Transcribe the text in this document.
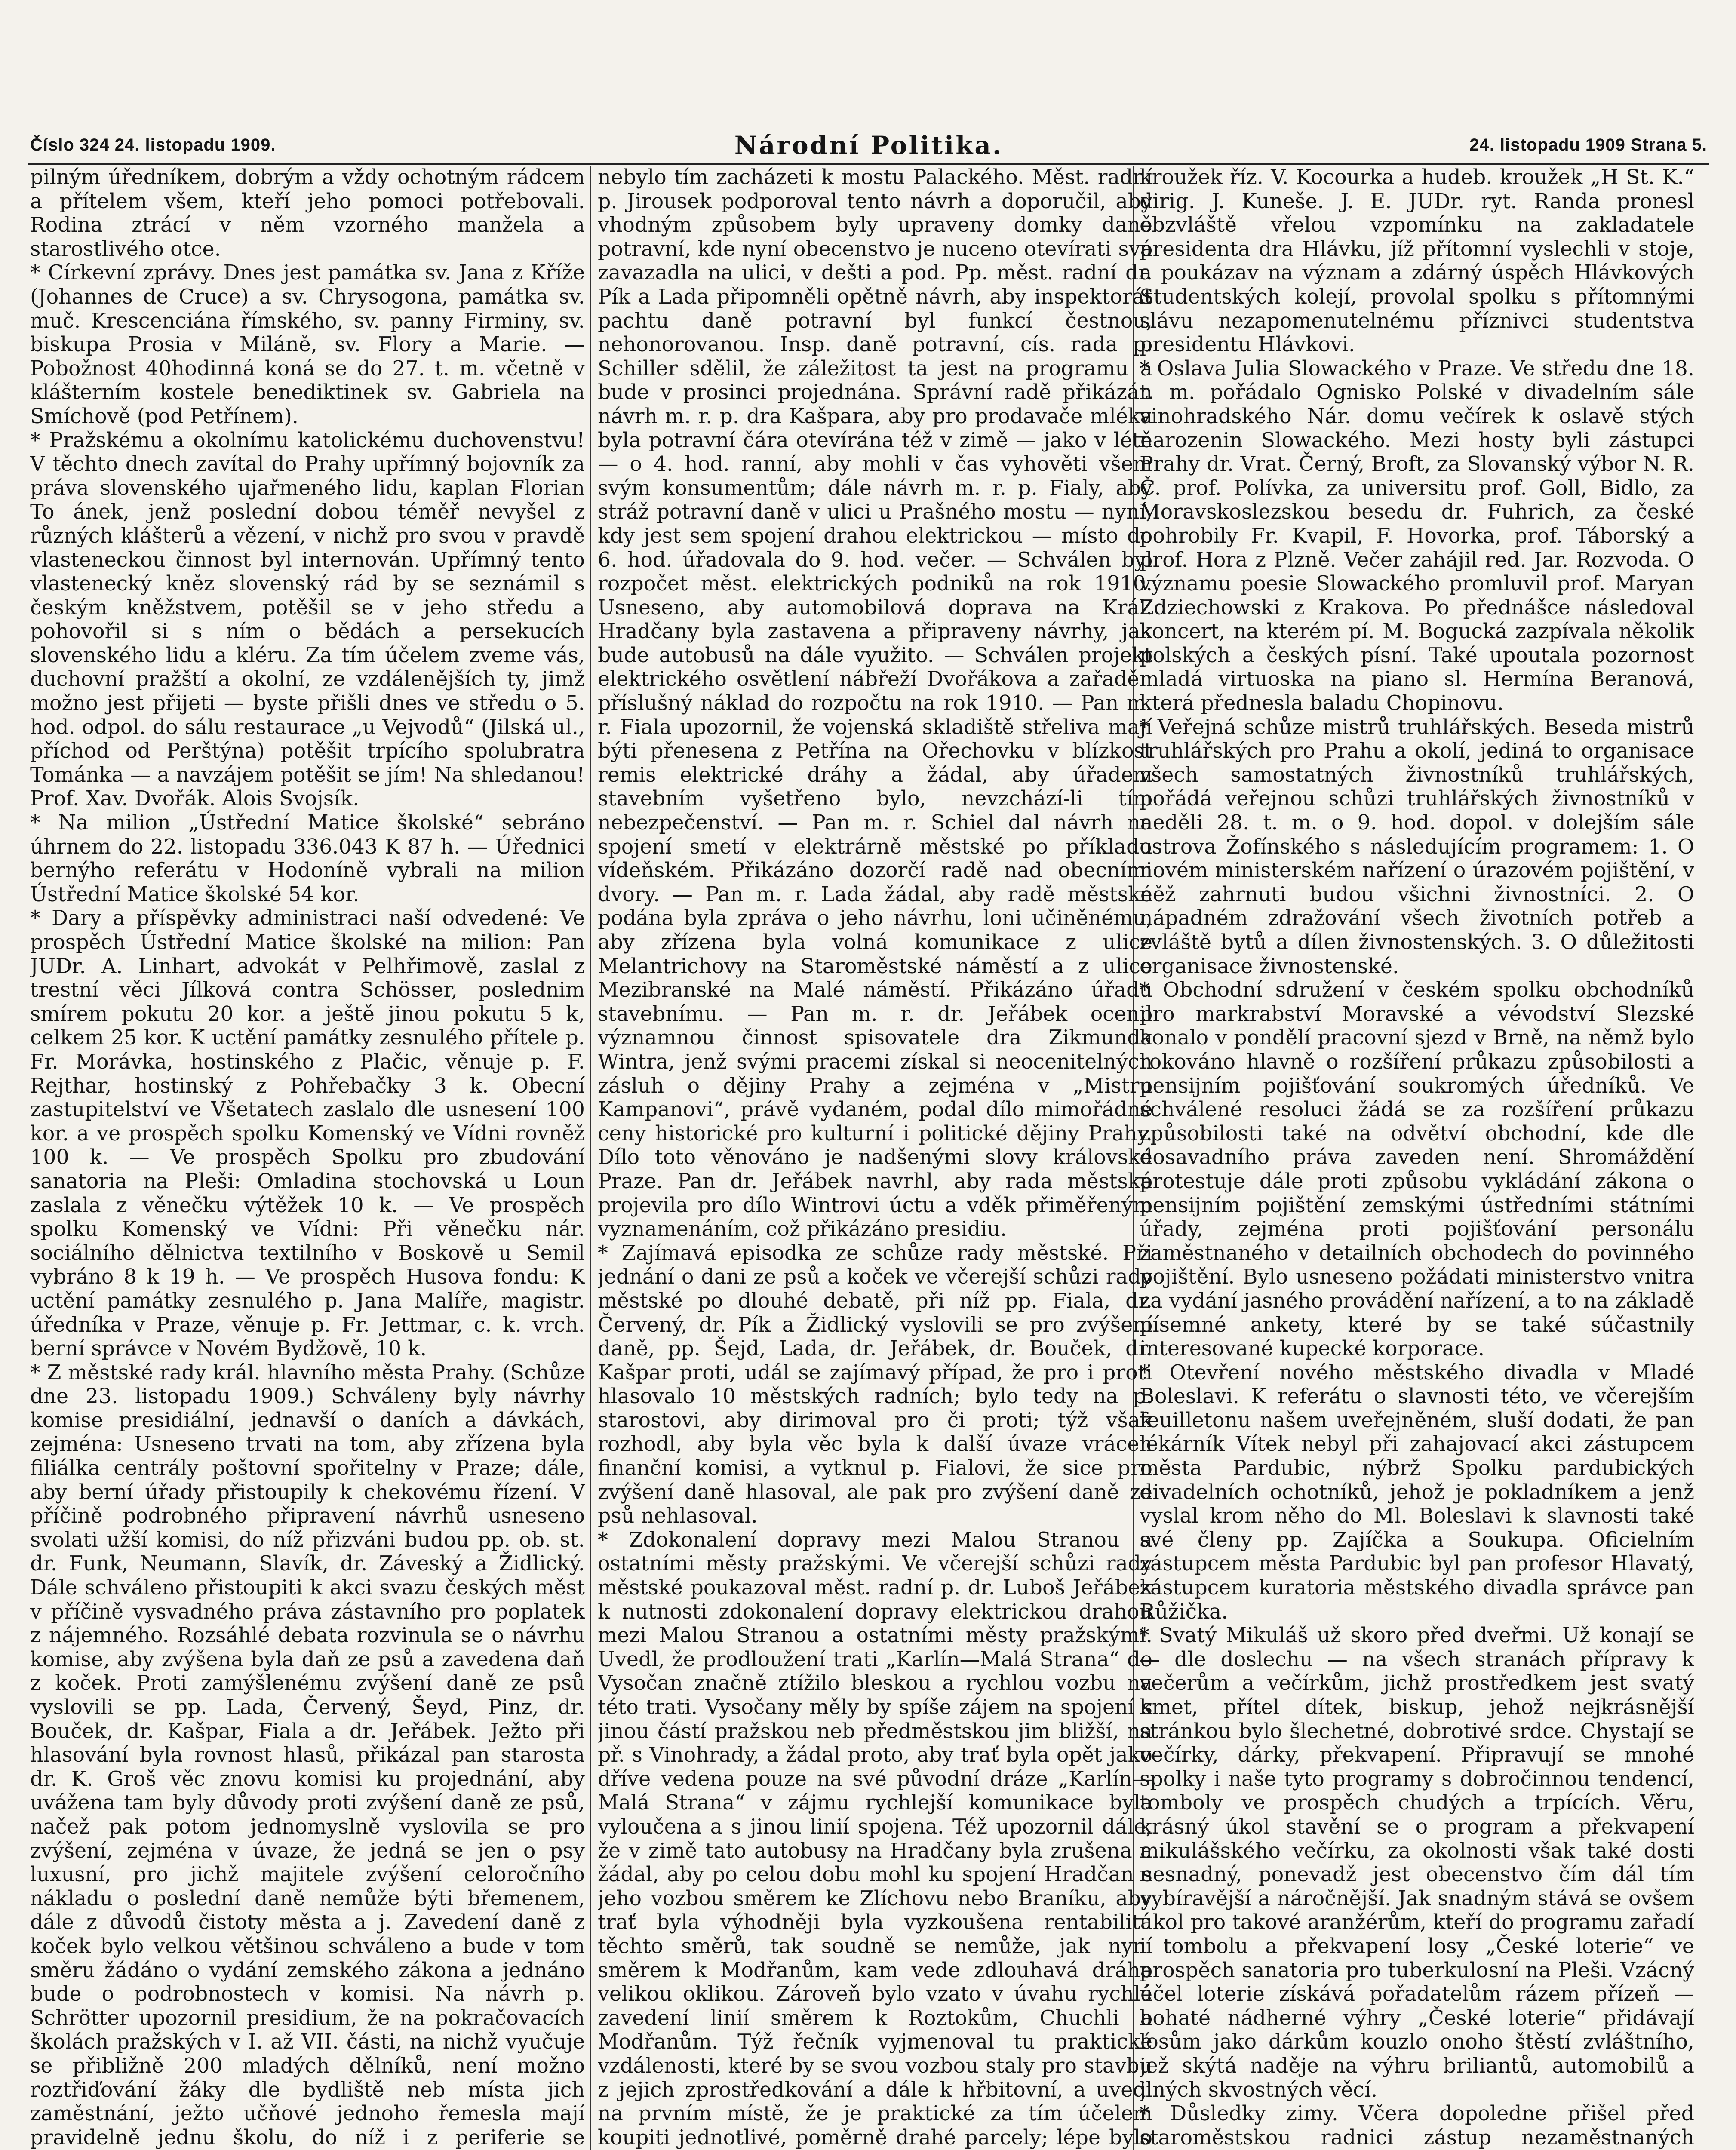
Číslo 324 24. listopadu 1909.	Národní Politika.	24. listopadu 1909 Strana 5.

pilným úředníkem, dobrým a vždy ochotným rádcem a přítelem všem, kteří jeho pomoci potřebovali. Rodina ztrácí v něm vzorného manžela a starostlivého otce.

* Církevní zprávy. Dnes jest památka sv. Jana z Kříže (Johannes de Cruce) a sv. Chrysogona, památka sv. muč. Krescenciána římského, sv. panny Firminy, sv. biskupa Prosia v Miláně, sv. Flory a Marie. — Pobožnost 40hodinná koná se do 27. t. m. včetně v klášterním kostele benediktinek sv. Gabriela na Smíchově (pod Petřínem).

* Pražskému a okolnímu katolickému duchovenstvu! V těchto dnech zavítal do Prahy upřímný bojovník za práva slovenského ujařmeného lidu, kaplan Florian To ánek, jenž poslední dobou téměř nevyšel z různých klášterů a vězení, v nichž pro svou v pravdě vlasteneckou činnost byl internován. Upřímný tento vlastenecký kněz slovenský rád by se seznámil s českým kněžstvem, potěšil se v jeho středu a pohovořil si s ním o bědách a persekucích slovenského lidu a kléru. Za tím účelem zveme vás, duchovní pražští a okolní, ze vzdálenějších ty, jimž možno jest přijeti — byste přišli dnes ve středu o 5. hod. odpol. do sálu restaurace „u Vejvodů“ (Jilská ul., příchod od Perštýna) potěšit trpícího spolubratra Tománka — a navzájem potěšit se jím! Na shledanou! Prof. Xav. Dvořák. Alois Svojsík.

* Na milion „Ústřední Matice školské“ sebráno úhrnem do 22. listopadu 336.043 K 87 h. — Úřednici bernýho referátu v Hodoníně vybrali na milion Ústřední Matice školské 54 kor.

* Dary a příspěvky administraci naší odvedené: Ve prospěch Ústřední Matice školské na milion: Pan JUDr. A. Linhart, advokát v Pelhřimově, zaslal z trestní věci Jílková contra Schösser, poslednim smírem pokutu 20 kor. a ještě jinou pokutu 5 k, celkem 25 kor. K uctění památky zesnulého přítele p. Fr. Morávka, hostinského z Plačic, věnuje p. F. Rejthar, hostinský z Pohřebačky 3 k. Obecní zastupitelství ve Všetatech zaslalo dle usnesení 100 kor. a ve prospěch spolku Komenský ve Vídni rovněž 100 k. — Ve prospěch Spolku pro zbudování sanatoria na Pleši: Omladina stochovská u Loun zaslala z věnečku výtěžek 10 k. — Ve prospěch spolku Komenský ve Vídni: Při věnečku nár. sociálního dělnictva textilního v Boskově u Semil vybráno 8 k 19 h. — Ve prospěch Husova fondu: K uctění památky zesnulého p. Jana Malíře, magistr. úředníka v Praze, věnuje p. Fr. Jettmar, c. k. vrch. berní správce v Novém Bydžově, 10 k.

* Z městské rady král. hlavního města Prahy. (Schůze dne 23. listopadu 1909.) Schváleny byly návrhy komise presidiální, jednavší o daních a dávkách, zejména: Usneseno trvati na tom, aby zřízena byla filiálka centrály poštovní spořitelny v Praze; dále, aby berní úřady přistoupily k chekovému řízení. V příčině podrobného připravení návrhů usneseno svolati užší komisi, do níž přizváni budou pp. ob. st. dr. Funk, Neumann, Slavík, dr. Záveský a Židlický. Dále schváleno přistoupiti k akci svazu českých měst v příčině vysvadného práva zástavního pro poplatek z nájemného. Rozsáhlé debata rozvinula se o návrhu komise, aby zvýšena byla daň ze psů a zavedena daň z koček. Proti zamýšlenému zvýšení daně ze psů vyslovili se pp. Lada, Červený, Šeyd, Pinz, dr. Bouček, dr. Kašpar, Fiala a dr. Jeřábek. Ježto při hlasování byla rovnost hlasů, přikázal pan starosta dr. K. Groš věc znovu komisi ku projednání, aby uvážena tam byly důvody proti zvýšení daně ze psů, načež pak potom jednomyslně vyslovila se pro zvýšení, zejména v úvaze, že jedná se jen o psy luxusní, pro jichž majitele zvýšení celoročního nákladu o poslední daně nemůže býti břemenem, dále z důvodů čistoty města a j. Zavedení daně z koček bylo velkou většinou schváleno a bude v tom směru žádáno o vydání zemského zákona a jednáno bude o podrobnostech v komisi. Na návrh p. Schrötter upozornil presidium, že na pokračovacích školách pražských v I. až VII. části, na nichž vyučuje se přibližně 200 mladých dělníků, není možno roztřiďování žáky dle bydliště neb místa jich zaměstnání, ježto učňové jednoho řemesla mají pravidelně jednu školu, do níž i z periferie se

nebylo tím zacházeti k mostu Palackého. Měst. radní p. Jirousek podporoval tento návrh a doporučil, aby vhodným způsobem byly upraveny domky daně potravní, kde nyní obecenstvo je nuceno otevírati svá zavazadla na ulici, v dešti a pod. Pp. měst. radní dr. Pík a Lada připomněli opětně návrh, aby inspektorát pachtu daně potravní byl funkcí čestnou, nehonorovanou. Insp. daně potravní, cís. rada p. Schiller sdělil, že záležitost ta jest na programu a bude v prosinci projednána. Správní radě přikázán návrh m. r. p. dra Kašpara, aby pro prodavače mléka byla potravní čára otevírána též v zimě — jako v létě — o 4. hod. ranní, aby mohli v čas vyhověti všem svým konsumentům; dále návrh m. r. p. Fialy, aby stráž potravní daně v ulici u Prašného mostu — nyní, kdy jest sem spojení drahou elektrickou — místo do 6. hod. úřadovala do 9. hod. večer. — Schválen byl rozpočet měst. elektrických podniků na rok 1910. Usneseno, aby automobilová doprava na Král. Hradčany byla zastavena a připraveny návrhy, jak bude autobusů na dále využito. — Schválen projekt elektrického osvětlení nábřeží Dvořákova a zařaděn příslušný náklad do rozpočtu na rok 1910. — Pan m. r. Fiala upozornil, že vojenská skladiště střeliva mají býti přenesena z Petřína na Ořechovku v blízkost remis elektrické dráhy a žádal, aby úřadem stavebním vyšetřeno bylo, nevzchází-li tím nebezpečenství. — Pan m. r. Schiel dal návrh na spojení smetí v elektrárně městské po příkladu vídeňském. Přikázáno dozorčí radě nad obecními dvory. — Pan m. r. Lada žádal, aby radě městské podána byla zpráva o jeho návrhu, loni učiněnému, aby zřízena byla volná komunikace z ulice Melantrichovy na Staroměstské náměstí a z ulice Mezibranské na Malé náměstí. Přikázáno úřadu stavebnímu. — Pan m. r. dr. Jeřábek ocenil významnou činnost spisovatele dra Zikmunda Wintra, jenž svými pracemi získal si neocenitelných zásluh o dějiny Prahy a zejména v „Mistru Kampanovi“, právě vydaném, podal dílo mimořádné ceny historické pro kulturní i politické dějiny Prahy. Dílo toto věnováno je nadšenými slovy královské Praze. Pan dr. Jeřábek navrhl, aby rada městská projevila pro dílo Wintrovi úctu a vděk přiměřeným vyznamenáním, což přikázáno presidiu.

* Zajímavá episodka ze schůze rady městské. Při jednání o dani ze psů a koček ve včerejší schůzi rady městské po dlouhé debatě, při níž pp. Fiala, dr. Červený, dr. Pík a Židlický vyslovili se pro zvýšení daně, pp. Šejd, Lada, dr. Jeřábek, dr. Bouček, dr. Kašpar proti, udál se zajímavý případ, že pro i proti hlasovalo 10 městských radních; bylo tedy na p. starostovi, aby dirimoval pro či proti; týž však rozhodl, aby byla věc byla k další úvaze vrácen finanční komisi, a vytknul p. Fialovi, že sice pro zvýšení daně hlasoval, ale pak pro zvýšení daně ze psů nehlasoval.

* Zdokonalení dopravy mezi Malou Stranou a ostatními městy pražskými. Ve včerejší schůzi rady městské poukazoval měst. radní p. dr. Luboš Jeřábek k nutnosti zdokonalení dopravy elektrickou drahou mezi Malou Stranou a ostatními městy pražskými. Uvedl, že prodloužení trati „Karlín—Malá Strana“ do Vysočan značně ztížilo bleskou a rychlou vozbu na této trati. Vysočany měly by spíše zájem na spojení s jinou částí pražskou neb předměstskou jim bližší, na př. s Vinohrady, a žádal proto, aby trať byla opět jako dříve vedena pouze na své původní dráze „Karlín—Malá Strana“ v zájmu rychlejší komunikace byla vyloučena a s jinou linií spojena. Též upozornil dále, že v zimě tato autobusy na Hradčany byla zrušena a žádal, aby po celou dobu mohl ku spojení Hradčan s jeho vozbou směrem ke Zlíchovu nebo Braníku, aby trať byla výhodněji byla vyzkoušena rentabilita těchto směrů, tak soudně se nemůže, jak nyní směrem k Modřanům, kam vede zdlouhavá dráha velikou oklikou. Zároveň bylo vzato v úvahu rychlé zavedení linií směrem k Roztokům, Chuchli a Modřanům. Týž řečník vyjmenoval tu praktické vzdálenosti, které by se svou vozbou staly pro stavbu z jejich zprostředkování a dále k hřbitovní, a uvedl na prvním místě, že je praktické za tím účelem koupiti jednotlivé, poměrně drahé parcely; lépe bylo

kroužek říz. V. Kocourka a hudeb. kroužek „H St. K.“ dirig. J. Kuneše. J. E. JUDr. ryt. Randa pronesl obzvláště vřelou vzpomínku na zakladatele presidenta dra Hlávku, jíž přítomní vyslechli v stoje, a poukázav na význam a zdárný úspěch Hlávkových Studentských kolejí, provolal spolku s přítomnými slávu nezapomenutelnému příznivci studentstva presidentu Hlávkovi.

* Oslava Julia Slowackého v Praze. Ve středu dne 18. t. m. pořádalo Ognisko Polské v divadelním sále vinohradského Nár. domu večírek k oslavě stých narozenin Slowackého. Mezi hosty byli zástupci Prahy dr. Vrat. Černý, Broft, za Slovanský výbor N. R. Č. prof. Polívka, za universitu prof. Goll, Bidlo, za Moravskoslezskou besedu dr. Fuhrich, za české pohrobily Fr. Kvapil, F. Hovorka, prof. Táborský a prof. Hora z Plzně. Večer zahájil red. Jar. Rozvoda. O významu poesie Slowackého promluvil prof. Maryan Zdziechowski z Krakova. Po přednášce následoval koncert, na kterém pí. M. Bogucká zazpívala několik polských a českých písní. Také upoutala pozornost mladá virtuoska na piano sl. Hermína Beranová, která přednesla baladu Chopinovu.

* Veřejná schůze mistrů truhlářských. Beseda mistrů truhlářských pro Prahu a okolí, jediná to organisace všech samostatných živnostníků truhlářských, pořádá veřejnou schůzi truhlářských živnostníků v neděli 28. t. m. o 9. hod. dopol. v dolejším sále ostrova Žofínského s následujícím programem: 1. O novém ministerském nařízení o úrazovém pojištění, v něž zahrnuti budou všichni živnostníci. 2. O nápadném zdražování všech životních potřeb a zvláště bytů a dílen živnostenských. 3. O důležitosti organisace živnostenské.

* Obchodní sdružení v českém spolku obchodníků pro markrabství Moravské a vévodství Slezské konalo v pondělí pracovní sjezd v Brně, na němž bylo rokováno hlavně o rozšíření průkazu způsobilosti a pensijním pojišťování soukromých úředníků. Ve schválené resoluci žádá se za rozšíření průkazu způsobilosti také na odvětví obchodní, kde dle dosavadního práva zaveden není. Shromáždění protestuje dále proti způsobu vykládání zákona o pensijním pojištění zemskými ústředními státními úřady, zejména proti pojišťování personálu zaměstnaného v detailních obchodech do povinného pojištění. Bylo usneseno požádati ministerstvo vnitra za vydání jasného provádění nařízení, a to na základě písemné ankety, které by se také súčastnily interesované kupecké korporace.

* Otevření nového městského divadla v Mladé Boleslavi. K referátu o slavnosti této, ve včerejším feuilletonu našem uveřejněném, sluší dodati, že pan lékárník Vítek nebyl při zahajovací akci zástupcem města Pardubic, nýbrž Spolku pardubických divadelních ochotníků, jehož je pokladníkem a jenž vyslal krom něho do Ml. Boleslavi k slavnosti také své členy pp. Zajíčka a Soukupa. Oficielním zástupcem města Pardubic byl pan profesor Hlavatý, zástupcem kuratoria městského divadla správce pan Růžička.

* Svatý Mikuláš už skoro před dveřmi. Už konají se — dle doslechu — na všech stranách přípravy k večerům a večírkům, jichž prostředkem jest svatý kmet, přítel dítek, biskup, jehož nejkrásnější stránkou bylo šlechetné, dobrotivé srdce. Chystají se večírky, dárky, překvapení. Připravují se mnohé spolky i naše tyto programy s dobročinnou tendencí, tomboly ve prospěch chudých a trpících. Věru, krásný úkol stavění se o program a překvapení mikulášského večírku, za okolnosti však také dosti nesnadný, ponevadž jest obecenstvo čím dál tím vybíravější a náročnější. Jak snadným stává se ovšem úkol pro takové aranžérům, kteří do programu zařadí i tombolu a překvapení losy „České loterie“ ve prospěch sanatoria pro tuberkulosní na Pleši. Vzácný účel loterie získává pořadatelům rázem přízeň — bohaté nádherné výhry „České loterie“ přidávají losům jako dárkům kouzlo onoho štěstí zvláštního, jež skýtá naděje na výhru briliantů, automobilů a jiných skvostných věcí.

* Důsledky zimy. Včera dopoledne přišel před staroměstskou radnici zástup nezaměstnaných
